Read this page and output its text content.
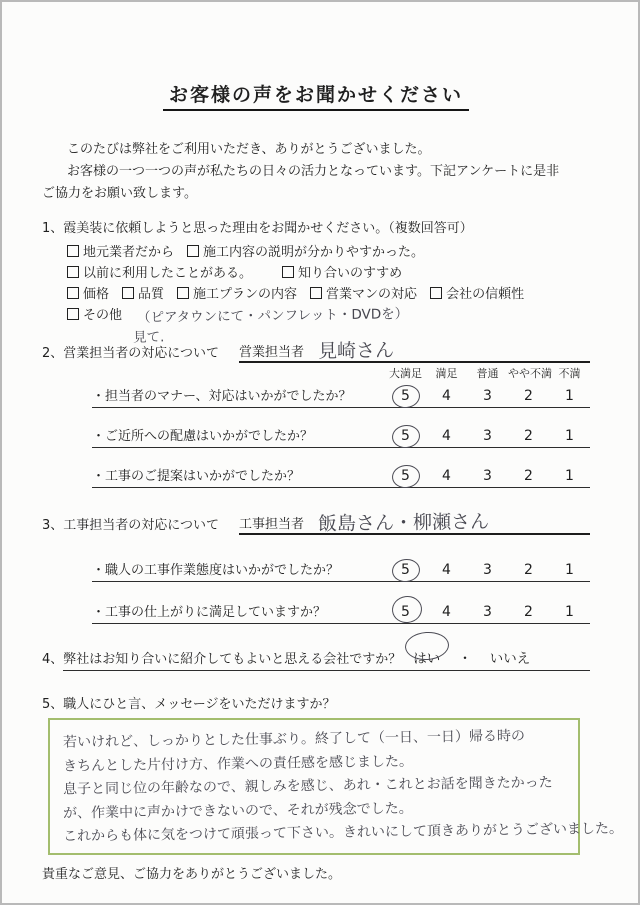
お客様の声をお聞かせください
このたびは弊社をご利用いただき、ありがとうございました。
お客様の一つ一つの声が私たちの日々の活力となっています。下記アンケートに是非
ご協力をお願い致します。
1、霞美装に依頼しようと思った理由をお聞かせください。（複数回答可）
地元業者だから 施工内容の説明が分かりやすかった。
以前に利用したことがある。	知り合いのすすめ
価格 品質 施工プランの内容 営業マンの対応 会社の信頼性
その他 （ピアタウンにて・パンフレット・DVDを）
見て.
2、営業担当者の対応について 営業担当者 見崎さん
大満足	満足	普通 やや不満 不満
・担当者のマナー、対応はいかがでしたか？	5	4	3	2	1
・ご近所への配慮はいかがでしたか？	5	4	3	2	1
・工事のご提案はいかがでしたか？	5	4	3	2	1
3、工事担当者の対応について 工事担当者 飯島さん・柳瀬さん
・職人の工事作業態度はいかがでしたか？	5	4	3	2	1
・工事の仕上がりに満足していますか？	5	4	3	2	1
4、 弊社はお知り合いに紹介してもよいと思える会社ですか？ はい ・ いいえ
5、職人にひと言、メッセージをいただけますか？
若いけれど、しっかりとした仕事ぶり。終了して（一日、一日）帰る時の
きちんとした片付け方、作業への責任感を感じました。
息子と同じ位の年齢なので、親しみを感じ、あれ・これとお話を聞きたかった
が、作業中に声かけできないので、それが残念でした。
これからも体に気をつけて頑張って下さい。きれいにして頂きありがとうございました。
貴重なご意見、ご協力をありがとうございました。
